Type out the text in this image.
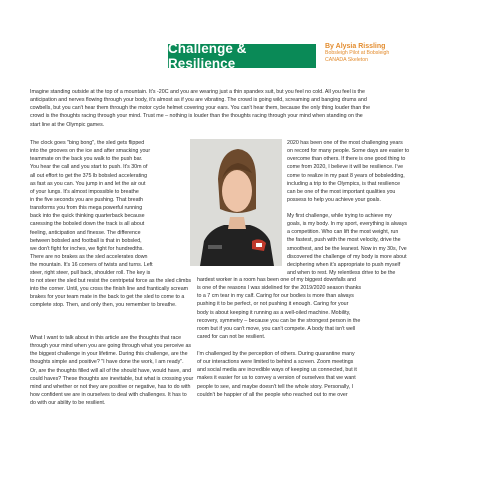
Challenge & Resilience
By Alysia Rissling
Bobsleigh Pilot at Bobsleigh
CANADA Skeleton
Imagine standing outside at the top of a mountain. It's -20C and you are wearing just a thin spandex suit, but you feel no cold. All you feel is the
anticipation and nerves flowing through your body, it's almost as if you are vibrating. The crowd is going wild, screaming and banging drums and
cowbells, but you can't hear them through the motor cycle helmet covering your ears. You can't hear them, because the only thing louder than the
crowd is the thoughts racing through your mind. Trust me – nothing is louder than the thoughts racing through your mind when standing on the
start line at the Olympic games.
The clock goes "bing bong", the sled gets flipped
into the grooves on the ice and after smacking your
teammate on the back you walk to the push bar.
You hear the call and you start to push. It's 30m of
all out effort to get the 375 lb bobsled accelerating
as fast as you can. You jump in and let the air out
of your lungs. It's almost impossible to breathe
in the five seconds you are pushing. That breath
transforms you from this mega powerful running
back into the quick thinking quarterback because
caressing the bobsled down the track is all about
feeling, anticipation and finesse. The difference
between bobsled and football is that in bobsled,
we don't fight for inches, we fight for hundredths.
There are no brakes as the sled accelerates down
the mountain. It's 16 corners of twists and turns. Left
steer, right steer, pull back, shoulder roll. The key is
to not steer the sled but resist the centripetal force as the sled climbs
into the corner. Until, you cross the finish line and frantically scream
brakes for your team mate in the back to get the sled to come to a
complete stop. Then, and only then, you remember to breathe.
What I want to talk about in this article are the thoughts that race
through your mind when you are going through what you perceive as
the biggest challenge in your lifetime. During this challenge, are the
thoughts simple and positive? "I have done the work, I am ready".
Or, are the thoughts filled will all of the should have, would have, and
could haves? These thoughts are inevitable, but what is crossing your
mind and whether or not they are positive or negative, has to do with
how confident we are in ourselves to deal with challenges. It has to
do with our ability to be resilient.
2020 has been one of the most challenging years
on record for many people. Some days are easier to
overcome than others. If there is one good thing to
come from 2020, I believe it will be resilience. I've
come to realize in my past 8 years of bobsledding,
including a trip to the Olympics, is that resilience
can be one of the most important qualities you
possess to help you achieve your goals.
My first challenge, while trying to achieve my
goals, is my body. In my sport, everything is always
a competition. Who can lift the most weight, run
the fastest, push with the most velocity, drive the
smoothest, and be the leanest. Now in my 30s, I've
discovered the challenge of my body is more about
deciphering when it's appropriate to push myself
and when to rest. My relentless drive to be the
hardest worker in a room has been one of my biggest downfalls and
is one of the reasons I was sidelined for the 2019/2020 season thanks
to a 7 cm tear in my calf. Caring for our bodies is more than always
pushing it to be perfect, or not pushing it enough. Caring for your
body is about keeping it running as a well-oiled machine. Mobility,
recovery, symmetry – because you can be the strongest person in the
room but if you can't move, you can't compete. A body that isn't well
cared for can not be resilient.
I'm challenged by the perception of others. During quarantine many
of our interactions were limited to behind a screen. Zoom meetings
and social media are incredible ways of keeping us connected, but it
makes it easier for us to convey a version of ourselves that we want
people to see, and maybe doesn't tell the whole story. Personally, I
couldn't be happier of all the people who reached out to me over
